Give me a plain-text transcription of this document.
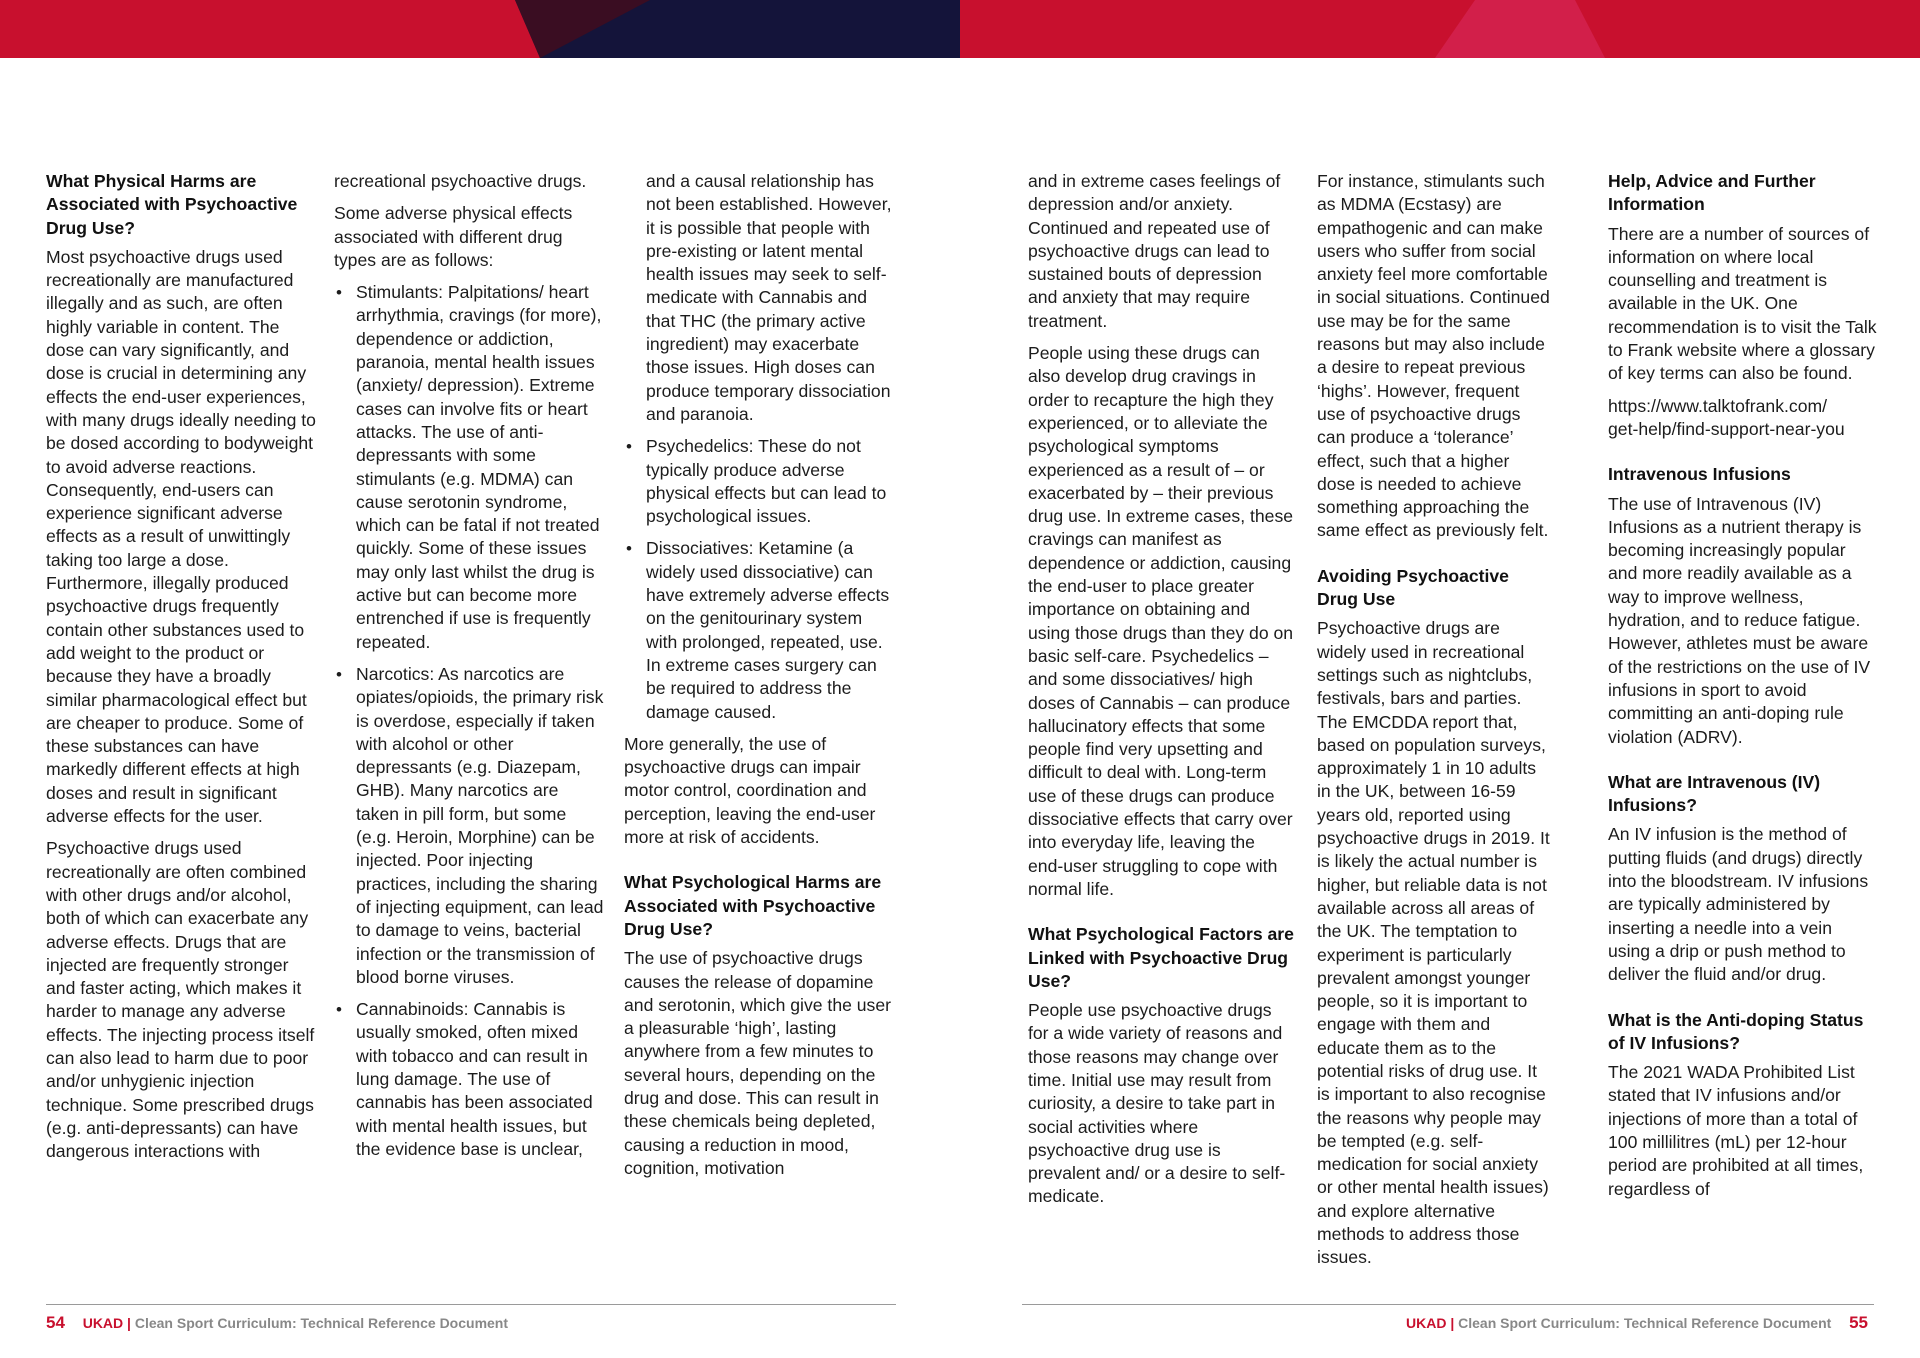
What Physical Harms are Associated with Psychoactive Drug Use?

Most psychoactive drugs used recreationally are manufactured illegally and as such, are often highly variable in content. The dose can vary significantly, and dose is crucial in determining any effects the end-user experiences, with many drugs ideally needing to be dosed according to bodyweight to avoid adverse reactions. Consequently, end-users can experience significant adverse effects as a result of unwittingly taking too large a dose. Furthermore, illegally produced psychoactive drugs frequently contain other substances used to add weight to the product or because they have a broadly similar pharmacological effect but are cheaper to produce. Some of these substances can have markedly different effects at high doses and result in significant adverse effects for the user.

Psychoactive drugs used recreationally are often combined with other drugs and/or alcohol, both of which can exacerbate any adverse effects. Drugs that are injected are frequently stronger and faster acting, which makes it harder to manage any adverse effects. The injecting process itself can also lead to harm due to poor and/or unhygienic injection technique. Some prescribed drugs (e.g. anti-depressants) can have dangerous interactions with

recreational psychoactive drugs.

Some adverse physical effects associated with different drug types are as follows:

• Stimulants: Palpitations/ heart arrhythmia, cravings (for more), dependence or addiction, paranoia, mental health issues (anxiety/ depression). Extreme cases can involve fits or heart attacks. The use of anti-depressants with some stimulants (e.g. MDMA) can cause serotonin syndrome, which can be fatal if not treated quickly. Some of these issues may only last whilst the drug is active but can become more entrenched if use is frequently repeated.
• Narcotics: As narcotics are opiates/opioids, the primary risk is overdose, especially if taken with alcohol or other depressants (e.g. Diazepam, GHB). Many narcotics are taken in pill form, but some (e.g. Heroin, Morphine) can be injected. Poor injecting practices, including the sharing of injecting equipment, can lead to damage to veins, bacterial infection or the transmission of blood borne viruses.
• Cannabinoids: Cannabis is usually smoked, often mixed with tobacco and can result in lung damage. The use of cannabis has been associated with mental health issues, but the evidence base is unclear,

and a causal relationship has not been established. However, it is possible that people with pre-existing or latent mental health issues may seek to self-medicate with Cannabis and that THC (the primary active ingredient) may exacerbate those issues. High doses can produce temporary dissociation and paranoia.

• Psychedelics: These do not typically produce adverse physical effects but can lead to psychological issues.
• Dissociatives: Ketamine (a widely used dissociative) can have extremely adverse effects on the genitourinary system with prolonged, repeated, use. In extreme cases surgery can be required to address the damage caused.

More generally, the use of psychoactive drugs can impair motor control, coordination and perception, leaving the end-user more at risk of accidents.

What Psychological Harms are Associated with Psychoactive Drug Use?

The use of psychoactive drugs causes the release of dopamine and serotonin, which give the user a pleasurable ‘high’, lasting anywhere from a few minutes to several hours, depending on the drug and dose. This can result in these chemicals being depleted, causing a reduction in mood, cognition, motivation

54 UKAD | Clean Sport Curriculum: Technical Reference Document

and in extreme cases feelings of depression and/or anxiety. Continued and repeated use of psychoactive drugs can lead to sustained bouts of depression and anxiety that may require treatment.

People using these drugs can also develop drug cravings in order to recapture the high they experienced, or to alleviate the psychological symptoms experienced as a result of – or exacerbated by – their previous drug use. In extreme cases, these cravings can manifest as dependence or addiction, causing the end-user to place greater importance on obtaining and using those drugs than they do on basic self-care. Psychedelics – and some dissociatives/ high doses of Cannabis – can produce hallucinatory effects that some people find very upsetting and difficult to deal with. Long-term use of these drugs can produce dissociative effects that carry over into everyday life, leaving the end-user struggling to cope with normal life.

What Psychological Factors are Linked with Psychoactive Drug Use?

People use psychoactive drugs for a wide variety of reasons and those reasons may change over time. Initial use may result from curiosity, a desire to take part in social activities where psychoactive drug use is prevalent and/ or a desire to self-medicate.

For instance, stimulants such as MDMA (Ecstasy) are empathogenic and can make users who suffer from social anxiety feel more comfortable in social situations. Continued use may be for the same reasons but may also include a desire to repeat previous ‘highs’. However, frequent use of psychoactive drugs can produce a ‘tolerance’ effect, such that a higher dose is needed to achieve something approaching the same effect as previously felt.

Avoiding Psychoactive Drug Use

Psychoactive drugs are widely used in recreational settings such as nightclubs, festivals, bars and parties. The EMCDDA report that, based on population surveys, approximately 1 in 10 adults in the UK, between 16-59 years old, reported using psychoactive drugs in 2019. It is likely the actual number is higher, but reliable data is not available across all areas of the UK. The temptation to experiment is particularly prevalent amongst younger people, so it is important to engage with them and educate them as to the potential risks of drug use. It is important to also recognise the reasons why people may be tempted (e.g. self-medication for social anxiety or other mental health issues) and explore alternative methods to address those issues.

Help, Advice and Further Information

There are a number of sources of information on where local counselling and treatment is available in the UK. One recommendation is to visit the Talk to Frank website where a glossary of key terms can also be found.

https://www.talktofrank.com/
get-help/find-support-near-you

Intravenous Infusions

The use of Intravenous (IV) Infusions as a nutrient therapy is becoming increasingly popular and more readily available as a way to improve wellness, hydration, and to reduce fatigue. However, athletes must be aware of the restrictions on the use of IV infusions in sport to avoid committing an anti-doping rule violation (ADRV).

What are Intravenous (IV) Infusions?

An IV infusion is the method of putting fluids (and drugs) directly into the bloodstream. IV infusions are typically administered by inserting a needle into a vein using a drip or push method to deliver the fluid and/or drug.

What is the Anti-doping Status of IV Infusions?

The 2021 WADA Prohibited List stated that IV infusions and/or injections of more than a total of 100 millilitres (mL) per 12-hour period are prohibited at all times, regardless of

UKAD | Clean Sport Curriculum: Technical Reference Document 55
